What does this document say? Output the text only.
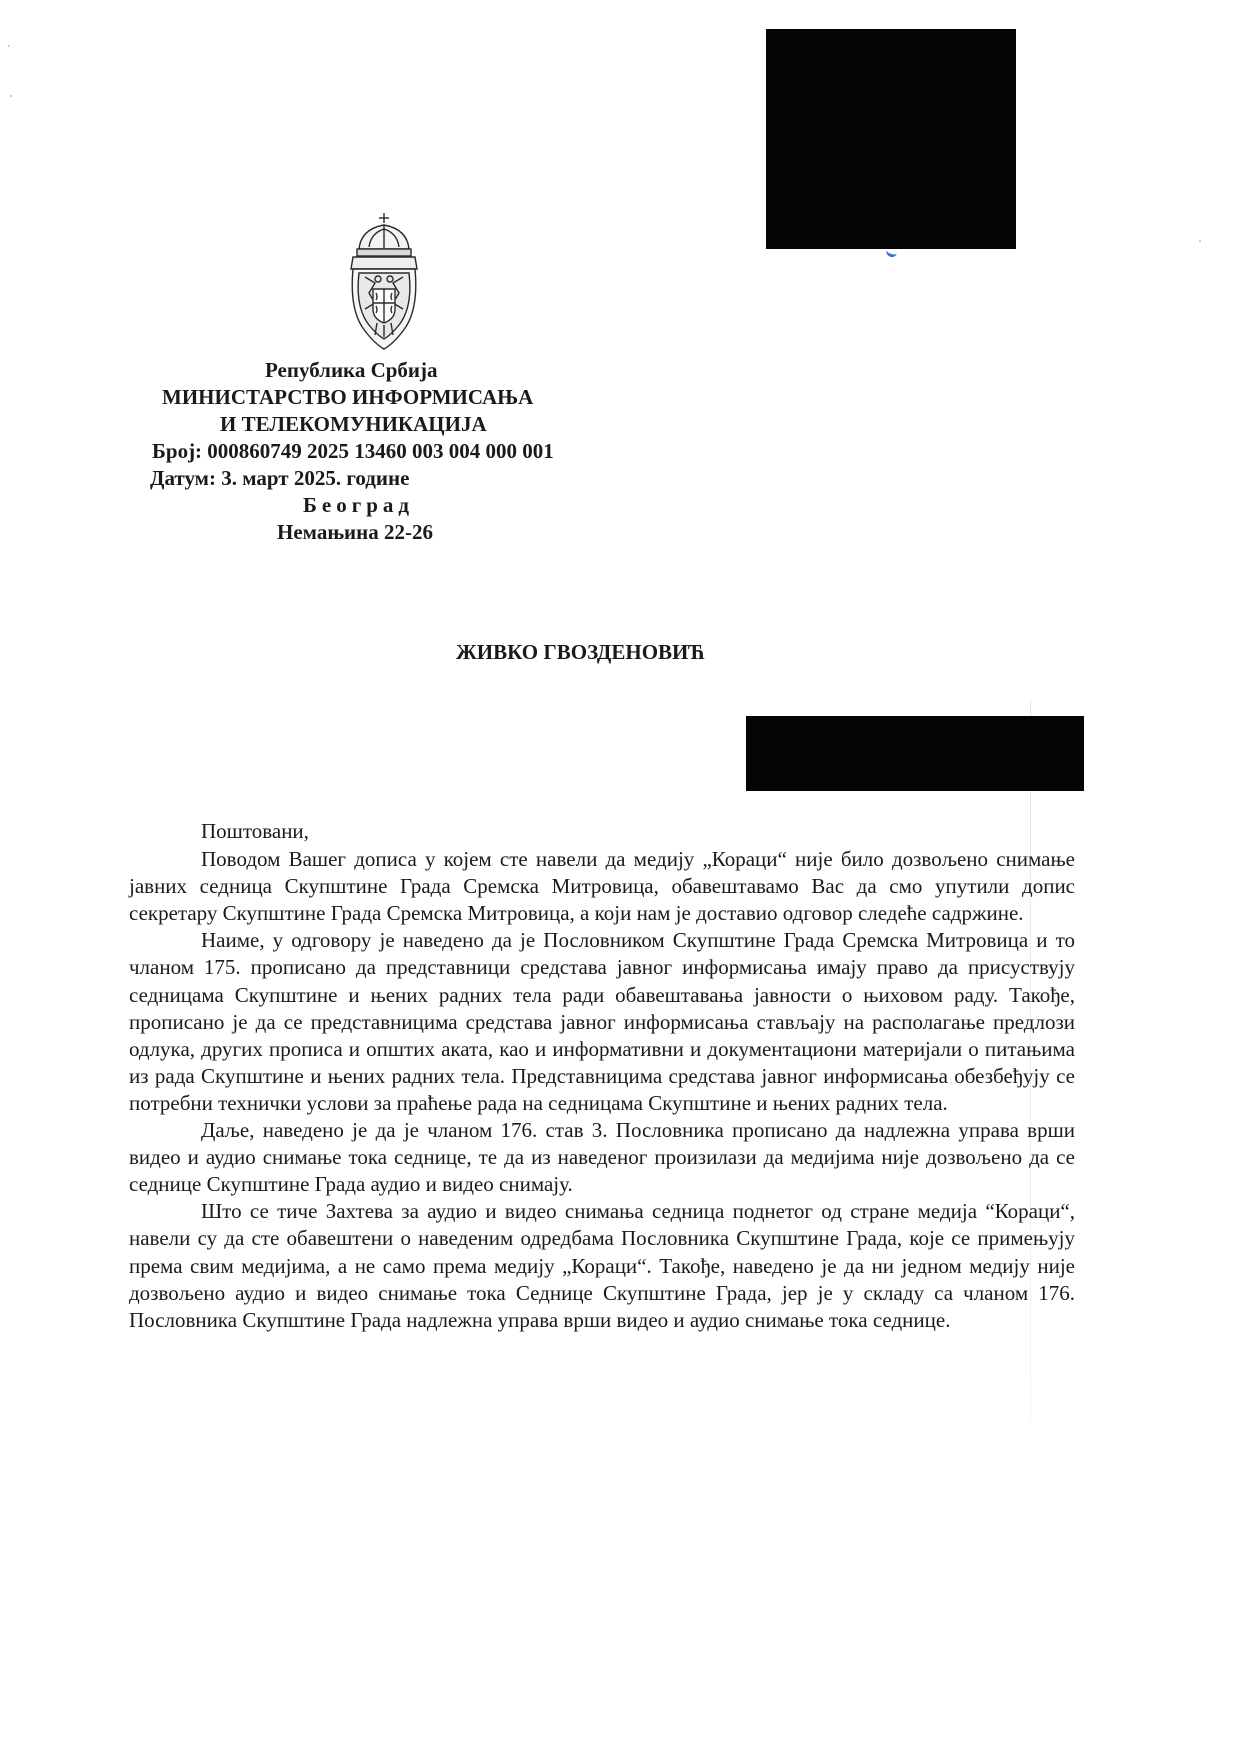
Република Србија
МИНИСТАРСТВО ИНФОРМИСАЊА
И ТЕЛЕКОМУНИКАЦИЈА
Број: 000860749 2025 13460 003 004 000 001
Датум: 3. март 2025. године
Београд
Немањина 22-26
ЖИВКО ГВОЗДЕНОВИЋ

Поштовани,

Поводом Вашег дописа у којем сте навели да медију „Кораци“ није било дозвољено снимање јавних седница Скупштине Града Сремска Митровица, обавештавамо Вас да смо упутили допис секретару Скупштине Града Сремска Митровица, а који нам је доставио одговор следеће садржине.

Наиме, у одговору је наведено да је Пословником Скупштине Града Сремска Митровица и то чланом 175. прописано да представници средстава јавног информисања имају право да присуствују седницама Скупштине и њених радних тела ради обавештавања јавности о њиховом раду. Такође, прописано је да се представницима средстава јавног информисања стављају на располагање предлози одлука, других прописа и општих аката, као и информативни и документациони материјали о питањима из рада Скупштине и њених радних тела. Представницима средстава јавног информисања обезбеђују се потребни технички услови за праћење рада на седницама Скупштине и њених радних тела.

Даље, наведено је да је чланом 176. став 3. Пословника прописано да надлежна управа врши видео и аудио снимање тока седнице, те да из наведеног произилази да медијима није дозвољено да се седнице Скупштине Града аудио и видео снимају.

Што се тиче Захтева за аудио и видео снимања седница поднетог од стране медија “Кораци“, навели су да сте обавештени о наведеним одредбама Пословника Скупштине Града, које се примењују према свим медијима, а не само према медију „Кораци“. Такође, наведено је да ни једном медију није дозвољено аудио и видео снимање тока Седнице Скупштине Града, јер је у складу са чланом 176. Пословника Скупштине Града надлежна управа врши видео и аудио снимање тока седнице.
